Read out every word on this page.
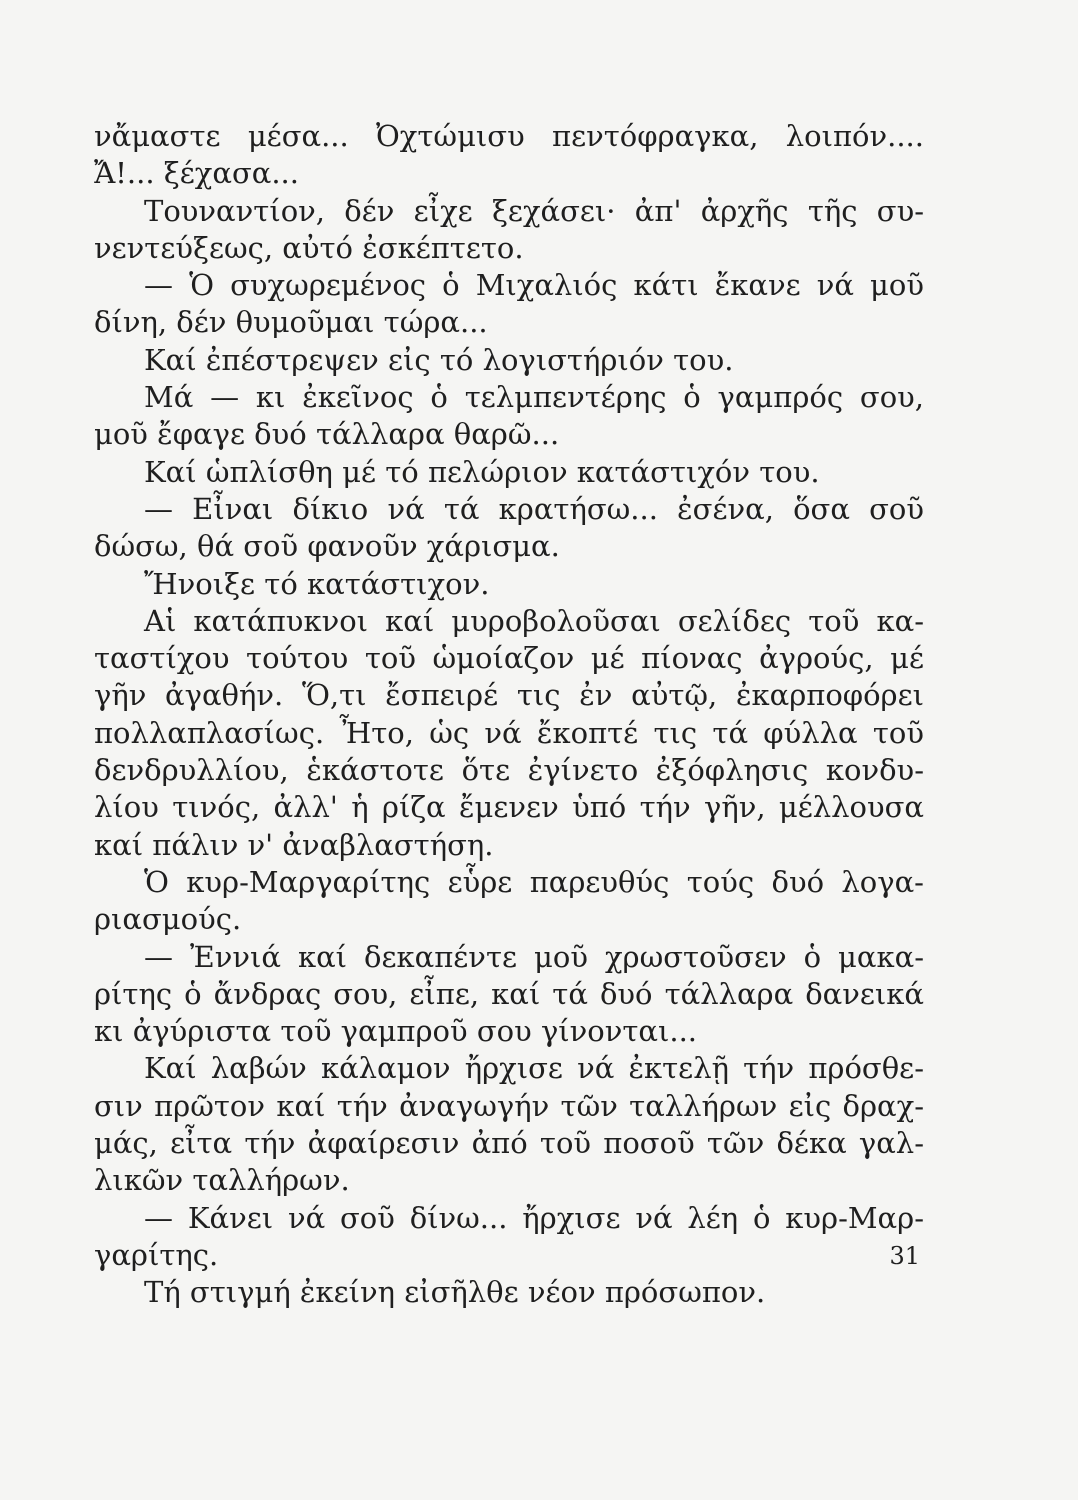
νἄμαστε μέσα... Ὀχτώμισυ πεντόφραγκα, λοιπόν....
Ἄ!... ξέχασα...
Τουναντίον, δέν εἶχε ξεχάσει· ἀπ' ἀρχῆς τῆς συ-
νεντεύξεως, αὐτό ἐσκέπτετο.
— Ὁ συχωρεμένος ὁ Μιχαλιός κάτι ἔκανε νά μοῦ
δίνη, δέν θυμοῦμαι τώρα...
Καί ἐπέστρεψεν εἰς τό λογιστήριόν του.
Μά — κι ἐκεῖνος ὁ τελμπεντέρης ὁ γαμπρός σου,
μοῦ ἔφαγε δυό τάλλαρα θαρῶ...
Καί ὡπλίσθη μέ τό πελώριον κατάστιχόν του.
— Εἶναι δίκιο νά τά κρατήσω... ἐσένα, ὅσα σοῦ
δώσω, θά σοῦ φανοῦν χάρισμα.
Ἤνοιξε τό κατάστιχον.
Αἱ κατάπυκνοι καί μυροβολοῦσαι σελίδες τοῦ κα-
ταστίχου τούτου τοῦ ὡμοίαζον μέ πίονας ἀγρούς, μέ
γῆν ἀγαθήν. Ὅ,τι ἔσπειρέ τις ἐν αὐτῷ, ἐκαρποφόρει
πολλαπλασίως. Ἦτο, ὡς νά ἔκοπτέ τις τά φύλλα τοῦ
δενδρυλλίου, ἑκάστοτε ὅτε ἐγίνετο ἐξόφλησις κονδυ-
λίου τινός, ἀλλ' ἡ ρίζα ἔμενεν ὑπό τήν γῆν, μέλλουσα
καί πάλιν ν' ἀναβλαστήση.
Ὁ κυρ-Μαργαρίτης εὗρε παρευθύς τούς δυό λογα-
ριασμούς.
— Ἐννιά καί δεκαπέντε μοῦ χρωστοῦσεν ὁ μακα-
ρίτης ὁ ἄνδρας σου, εἶπε, καί τά δυό τάλλαρα δανεικά
κι ἀγύριστα τοῦ γαμπροῦ σου γίνονται...
Καί λαβών κάλαμον ἤρχισε νά ἐκτελῇ τήν πρόσθε-
σιν πρῶτον καί τήν ἀναγωγήν τῶν ταλλήρων εἰς δραχ-
μάς, εἶτα τήν ἀφαίρεσιν ἀπό τοῦ ποσοῦ τῶν δέκα γαλ-
λικῶν ταλλήρων.
— Κάνει νά σοῦ δίνω... ἤρχισε νά λέη ὁ κυρ-Μαρ-
γαρίτης.
Τή στιγμή ἐκείνη εἰσῆλθε νέον πρόσωπον.
31
